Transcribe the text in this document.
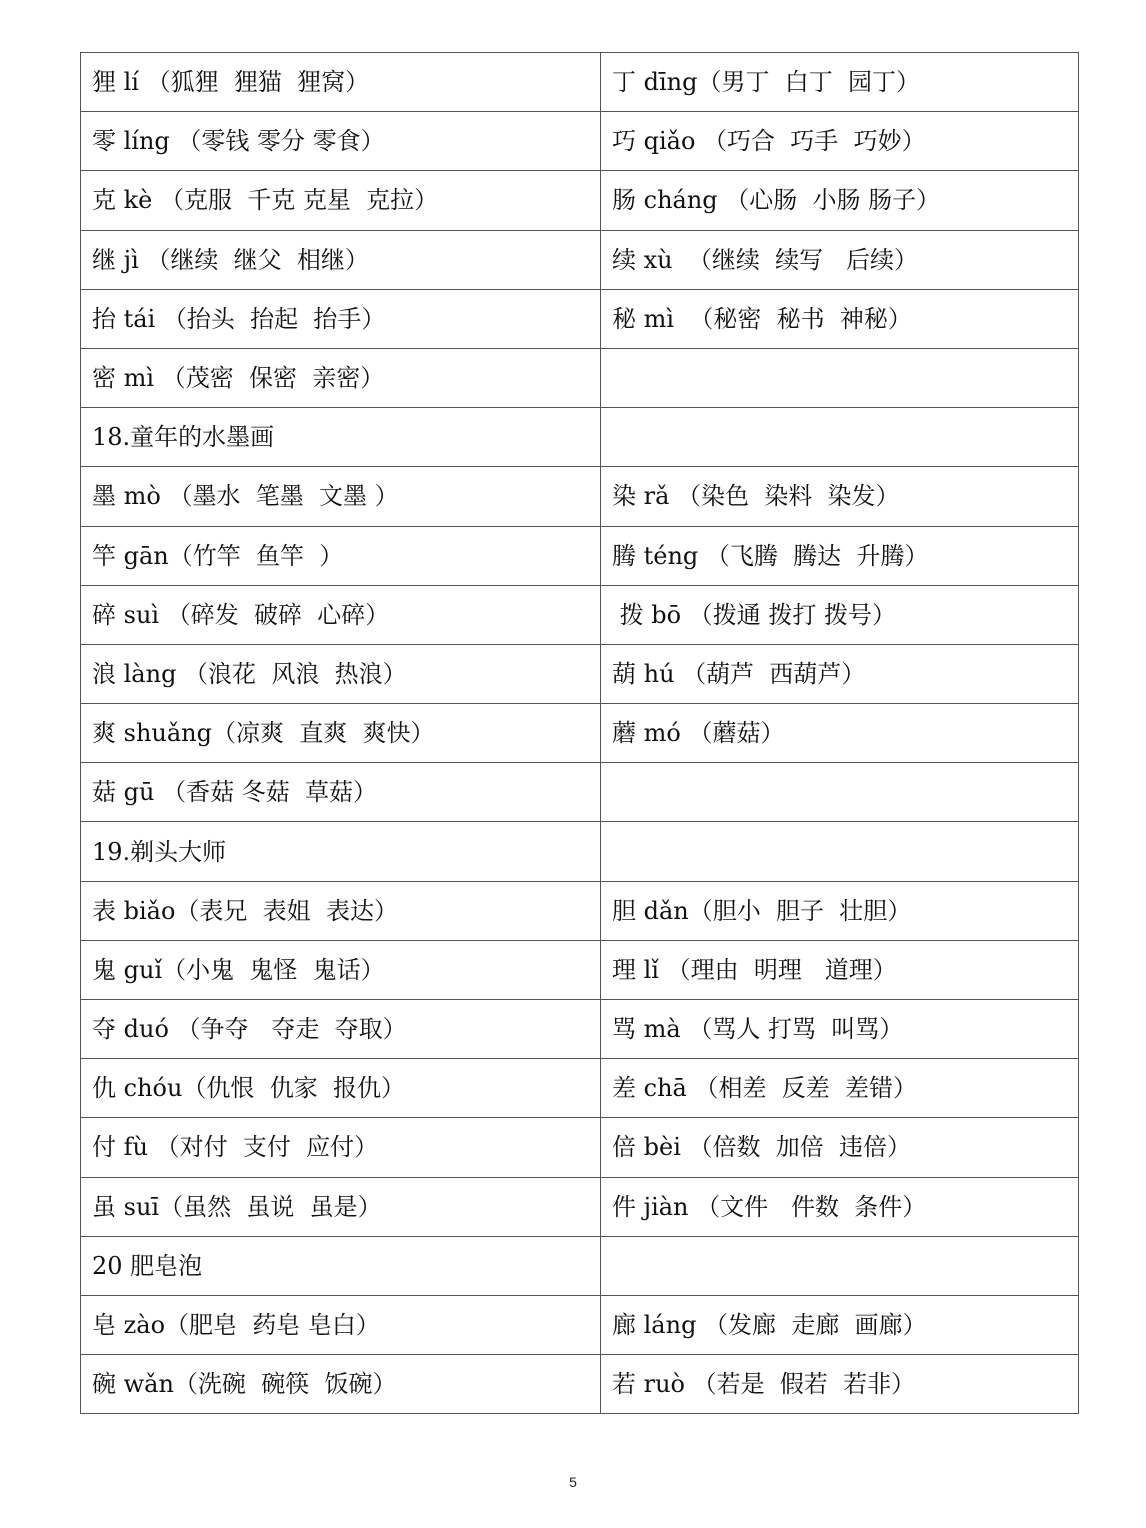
狸 lí （狐狸  狸猫  狸窝）	丁 dīng（男丁  白丁  园丁）
零 líng （零钱 零分 零食）	巧 qiǎo （巧合  巧手  巧妙）
克 kè （克服  千克 克星  克拉）	肠 cháng （心肠  小肠 肠子）
继 jì （继续  继父  相继）	续 xù  （继续  续写   后续）
抬 tái （抬头  抬起  抬手）	秘 mì  （秘密  秘书  神秘）
密 mì （茂密  保密  亲密）	
18.童年的水墨画	
墨 mò （墨水  笔墨  文墨 ）	染 rǎ （染色  染料  染发）
竿 gān（竹竿  鱼竿  ）	腾 téng （飞腾  腾达  升腾）
碎 suì （碎发  破碎  心碎）	拨 bō （拨通 拨打 拨号）
浪 làng （浪花  风浪  热浪）	葫 hú （葫芦  西葫芦）
爽 shuǎng（凉爽  直爽  爽快）	蘑 mó （蘑菇）
菇 gū （香菇 冬菇  草菇）	
19.剃头大师	
表 biǎo（表兄  表姐  表达）	胆 dǎn（胆小  胆子  壮胆）
鬼 guǐ（小鬼  鬼怪  鬼话）	理 lǐ （理由  明理   道理）
夺 duó （争夺   夺走  夺取）	骂 mà （骂人 打骂  叫骂）
仇 chóu（仇恨  仇家  报仇）	差 chā （相差  反差  差错）
付 fù （对付  支付  应付）	倍 bèi （倍数  加倍  违倍）
虽 suī（虽然  虽说  虽是）	件 jiàn （文件   件数  条件）
20 肥皂泡	
皂 zào（肥皂  药皂 皂白）	廊 láng （发廊  走廊  画廊）
碗 wǎn（洗碗  碗筷  饭碗）	若 ruò （若是  假若  若非）
5
